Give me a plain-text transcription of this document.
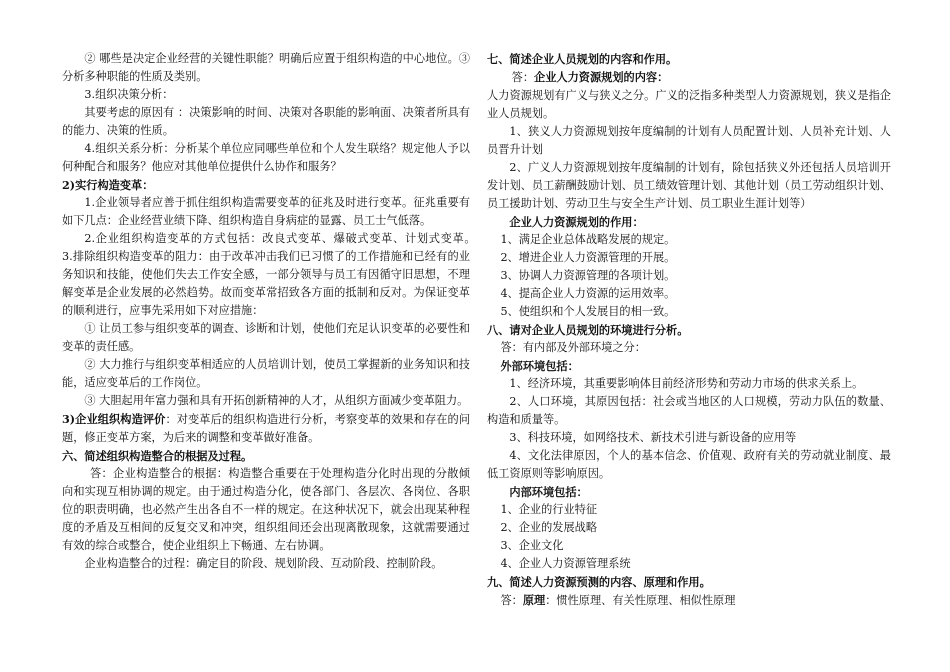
② 哪些是决定企业经营的关键性职能？明确后应置于组织构造的中心地位。③分析多种职能的性质及类别。

3.组织决策分析：

其要考虑的原因有 ：决策影响的时间、决策对各职能的影响面、决策者所具有的能力、决策的性质。

4.组织关系分析：分析某个单位应同哪些单位和个人发生联络？规定他人予以何种配合和服务？他应对其他单位提供什么协作和服务？

2)实行构造变革：

1.企业领导者应善于抓住组织构造需要变革的征兆及时进行变革。征兆重要有如下几点：企业经营业绩下降、组织构造自身病症的显露、员工士气低落。

2.企业组织构造变革的方式包括：改良式变革、爆破式变革、计划式变革。　　3.排除组织构造变革的阻力：由于改革冲击我们已习惯了的工作措施和已经有的业务知识和技能，使他们失去工作安全感，一部分领导与员工有因循守旧思想，不理解变革是企业发展的必然趋势。故而变革常招致各方面的抵制和反对。为保证变革的顺利进行，应事先采用如下对应措施：

① 让员工参与组织变革的调查、诊断和计划，使他们充足认识变革的必要性和变革的责任感。

② 大力推行与组织变革相适应的人员培训计划，使员工掌握新的业务知识和技能，适应变革后的工作岗位。

③ 大胆起用年富力强和具有开拓创新精神的人才，从组织方面减少变革阻力。

3)企业组织构造评价：对变革后的组织构造进行分析，考察变革的效果和存在的问题，修正变革方案，为后来的调整和变革做好准备。

六、简述组织构造整合的根据及过程。

答：企业构造整合的根据：构造整合重要在于处理构造分化时出现的分散倾向和实现互相协调的规定。由于通过构造分化，使各部门、各层次、各岗位、各职位的职责明确，也必然产生出各自不一样的规定。在这种状况下，就会出现某种程度的矛盾及互相间的反复交叉和冲突，组织组间还会出现离散现象，这就需要通过有效的综合或整合，使企业组织上下畅通、左右协调。

企业构造整合的过程：确定目的阶段、规划阶段、互动阶段、控制阶段。

七、简述企业人员规划的内容和作用。

答：企业人力资源规划的内容：

人力资源规划有广义与狭义之分。广义的泛指多种类型人力资源规划，狭义是指企业人员规划。

1、狭义人力资源规划按年度编制的计划有人员配置计划、人员补充计划、人员晋升计划

2、广义人力资源规划按年度编制的计划有，除包括狭义外还包括人员培训开发计划、员工薪酬鼓励计划、员工绩效管理计划、其他计划（员工劳动组织计划、员工援助计划、劳动卫生与安全生产计划、员工职业生涯计划等）

企业人力资源规划的作用：

1、满足企业总体战略发展的规定。

2、增进企业人力资源管理的开展。

3、协调人力资源管理的各项计划。

4、提高企业人力资源的运用效率。

5、使组织和个人发展目的相一致。

八、请对企业人员规划的环境进行分析。

答：有内部及外部环境之分：

外部环境包括：

1、经济环境，其重要影响体目前经济形势和劳动力市场的供求关系上。

2、人口环境，其原因包括：社会或当地区的人口规模，劳动力队伍的数量、构造和质量等。

3、科技环境，如网络技术、新技术引进与新设备的应用等

4、文化法律原因，个人的基本信念、价值观、政府有关的劳动就业制度、最低工资原则等影响原因。

内部环境包括：

1、企业的行业特征

2、企业的发展战略

3、企业文化

4、企业人力资源管理系统

九、简述人力资源预测的内容、原理和作用。

答：原理：惯性原理、有关性原理、相似性原理
